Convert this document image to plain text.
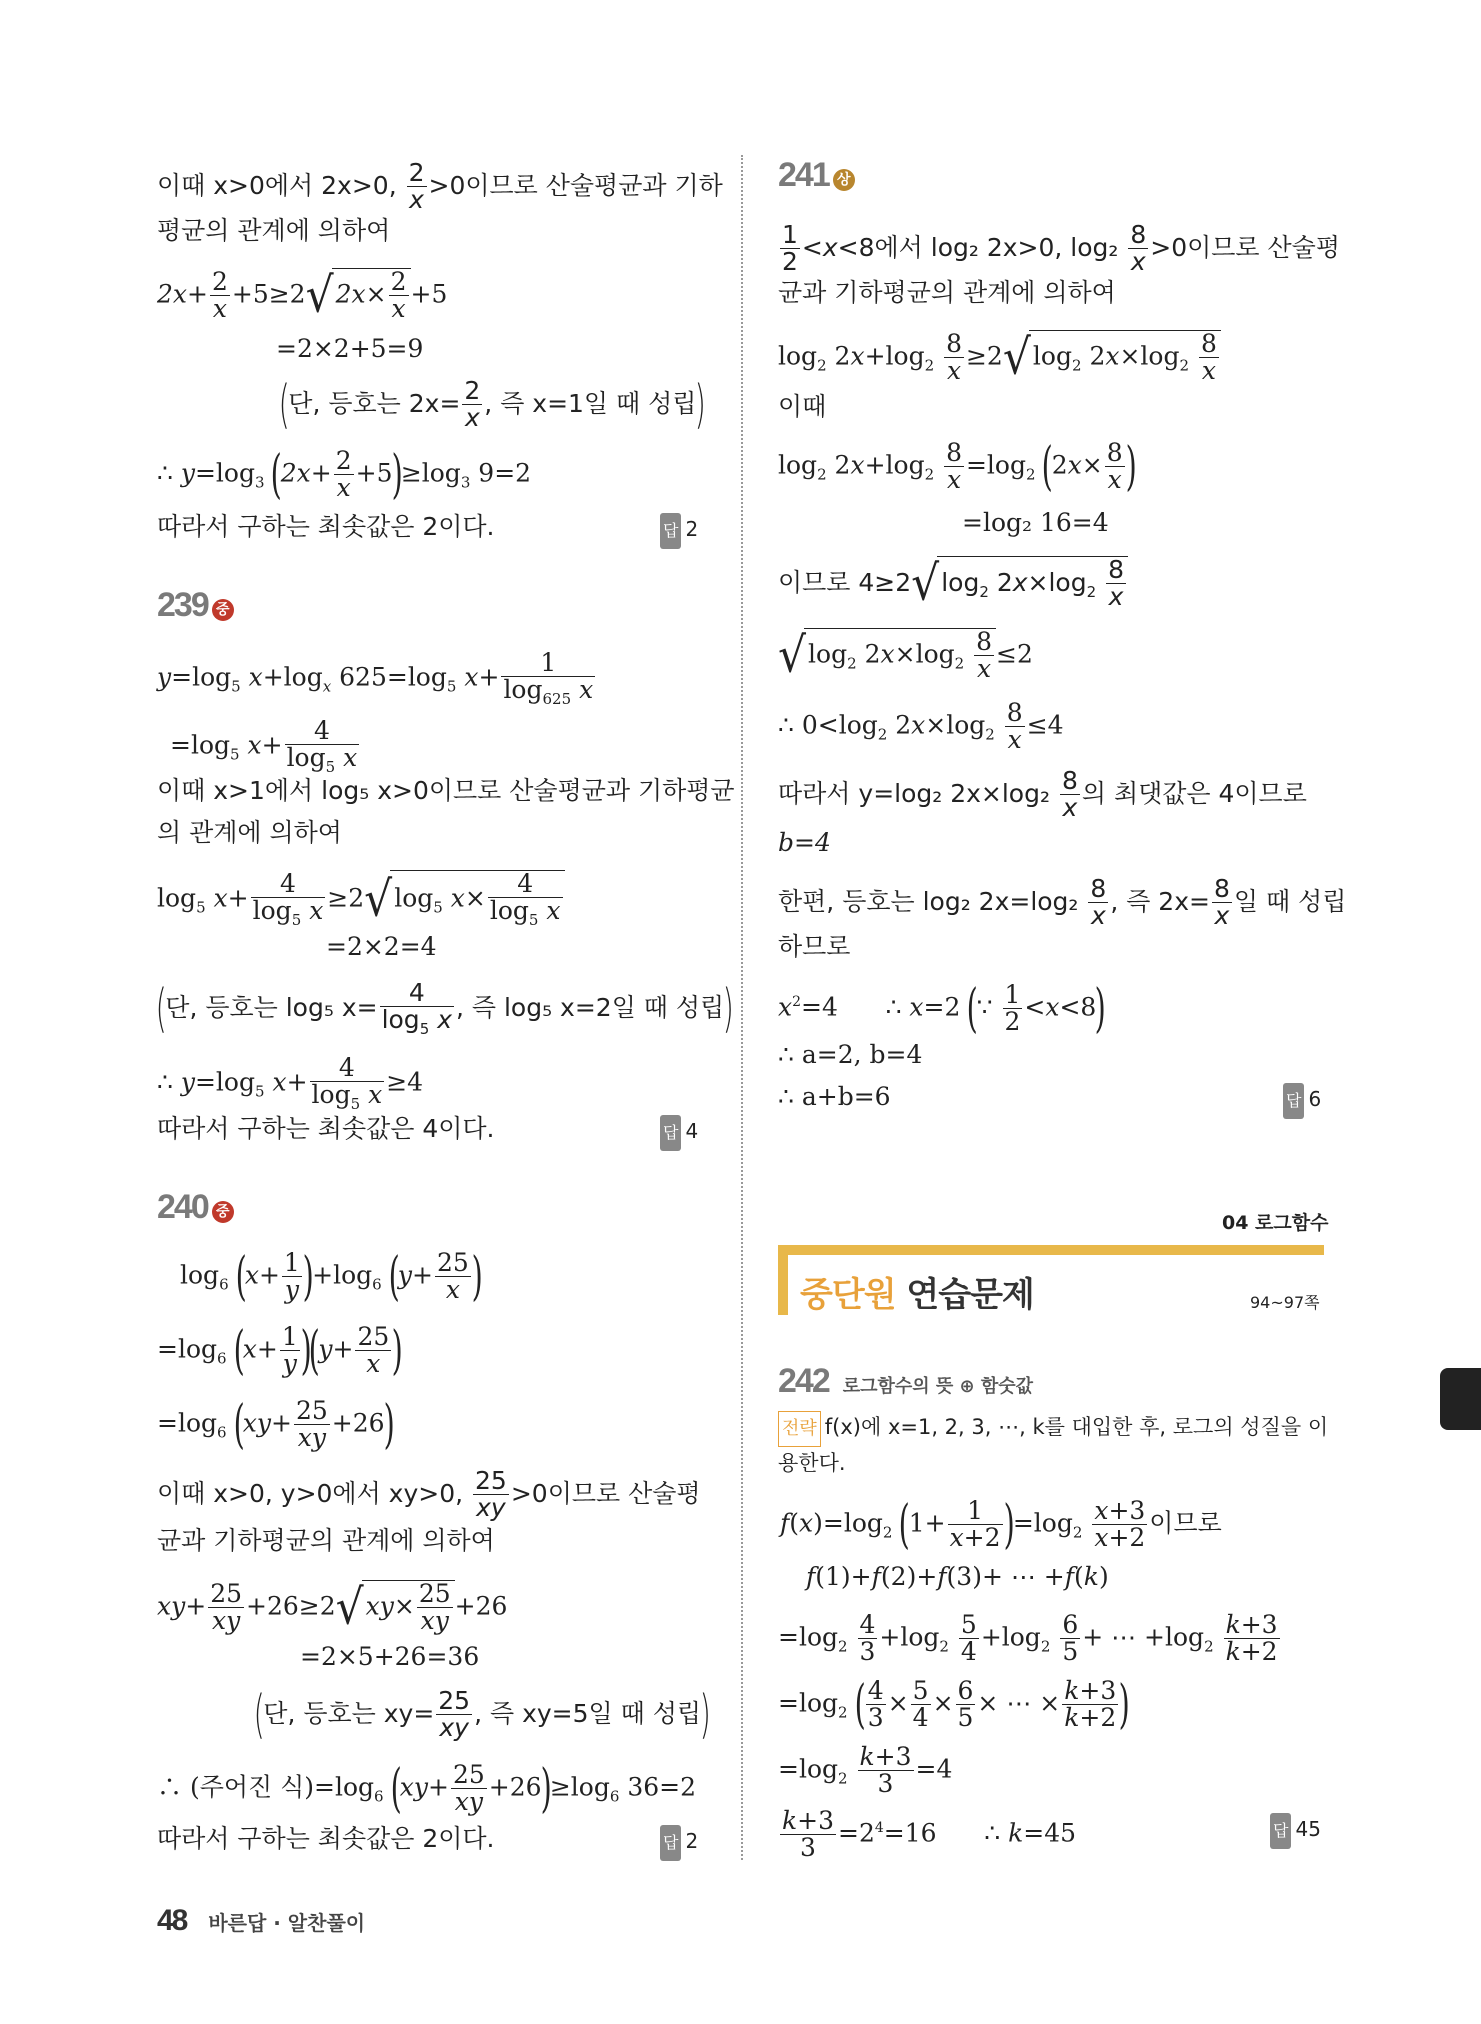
이때 x>0에서 2x>0, $\frac{2}{x} >0$이므로 산술평균과 기하
평균의 관계에 의하여
$2x+ \frac{2}{x} +5\ge 2√2x\times \frac{2}{x} +5$
=2×2+5=9
(단, 등호는 $2x= \frac{2}{x}$ , 즉 x=1일 때 성립)
∴ $y=\log_3$ $(2x+ \frac{2}{x} +5)\ge\log_3$ 9=2
따라서 구하는 최솟값은 2이다.	답 2
239 중
$y=\log_5$ $x+\log_x$ $625=\log_5$ $x+ \frac{1}{\log_{625} x}$
$=\log_5$ $x+ \frac{4}{\log_5 x}$
이때 x>1에서 log₅ x>0이므로 산술평균과 기하평균
의 관계에 의하여
$\log_5 x+ \frac{4}{\log_5 x} \ge 2√\log_5$ $x\times \frac{4}{\log_5 x}$
=2×2=4
(단, 등호는 log₅ $x= \frac{4}{\log_5 x}$ , 즉 log₅ x=2일 때 성립)
∴ $y=\log_5$ $x+ \frac{4}{\log_5 x} \ge 4$
따라서 구하는 최솟값은 4이다.	답 4
240 중
$\log_6 (x+ \frac{1}{y} )+\log_6$ ($y+ \frac{25}{x}$ )
$=\log_6$ $(x+ \frac{1}{y} )(y+ \frac{25}{x}$ )
$=\log_6$ $(xy+ \frac{25}{xy} +26)$
이때 x>0, y>0에서 xy>0, $\frac{25}{xy} >0$이므로 산술평
균과 기하평균의 관계에 의하여
$xy+ \frac{25}{xy} +26\ge 2√xy\times \frac{25}{xy} +26$
=2×5+26=36
(단, 등호는 $xy= \frac{25}{xy}$ , 즉 xy=5일 때 성립)
∴ (주어진 식)$=\log_6$ $(xy+ \frac{25}{xy} +26)\ge\log_6$ 36=2
따라서 구하는 최솟값은 2이다.	답 2
241 상
$\frac{1}{2} <x<8$에서 log₂ 2x>0, $\log_2 \frac{8}{x} >0$이므로 산술평
균과 기하평균의 관계에 의하여
$\log_2 2x+\log_2 \frac{8}{x} \ge 2√\log_2$ $2x\times\log_2 \frac{8}{x}$
이때
$\log_2 2x+\log_2 \frac{8}{x} =\log_2$ ($2x\times \frac{8}{x}$ )
=log₂ 16=4
이므로 $4\ge 2√\log_2$ $2x\times\log_2 \frac{8}{x}$
$√\log_2$ $2x\times\log_2 \frac{8}{x} \le 2$
∴ $0<\log_2$ $2x\times\log_2 \frac{8}{x} \le 4$
따라서 y=log₂ $2x\times\log_2 \frac{8}{x}$ 의 최댓값은 4이므로
b=4
한편, 등호는 log₂ $2x=\log_2 \frac{8}{x}$ , 즉 $2x= \frac{8}{x}$ 일 때 성립
하므로
$x^2=4$      ∴ x=2 (∵ $\frac{1}{2} <x<8$)
∴ a=2, b=4
∴ a+b=6	답 6
04 로그함수
중단원 연습문제	94~97쪽
242 로그함수의 뜻 ⊕ 함숫값
전략 f(x)에 x=1, 2, 3, ⋯, k를 대입한 후, 로그의 성질을 이
용한다.
$f(x)=\log_2$ $(1+ \frac{1}{x+2} )=\log_2 \frac{x+3}{x+2}$ 이므로
f(1)+f(2)+f(3)+ ⋯ +f(k)
$=\log_2 \frac{4}{3} +\log_2 \frac{5}{4} +\log_2 \frac{6}{5}$ + ⋯ $+\log_2 \frac{k+3}{k+2}$
$=\log_2$ ( $\frac{4}{3} \times \frac{5}{4} \times \frac{6}{5}$ × ⋯ × $\frac{k+3}{k+2}$ )
$=\log_2 \frac{k+3}{3} =4$
$\frac{k+3}{3} =2^4=16$      ∴ k=45	답 45
48 바른답 · 알찬풀이
